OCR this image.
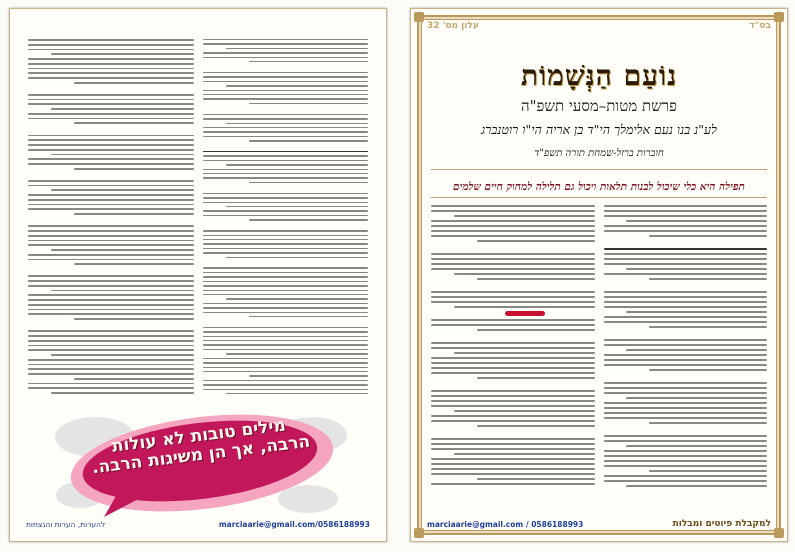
מילים טובות לא עולות הרבה, אך הן משיגות הרבה.
marciaarie@gmail.com/0586188993
להערות, הערות והנצחות
בס"ד
עלון מס' 32
נוֹעַם הַנְּשָׁמוֹת
פרשת מטות–מסעי תשפ"ה
לע"נ בנו נעם אלימלך הי"ד בן אריה הי"ו רוטנברג
חוברות ברזל-שמחת תורה תשפ"ד
תפילה היא כלי שיכול לבנות תלאות ויכול גם תלילה למחוק חיים שלמים
למקבלת פיוטים ומבלות
marciaarie@gmail.com / 0586188993
